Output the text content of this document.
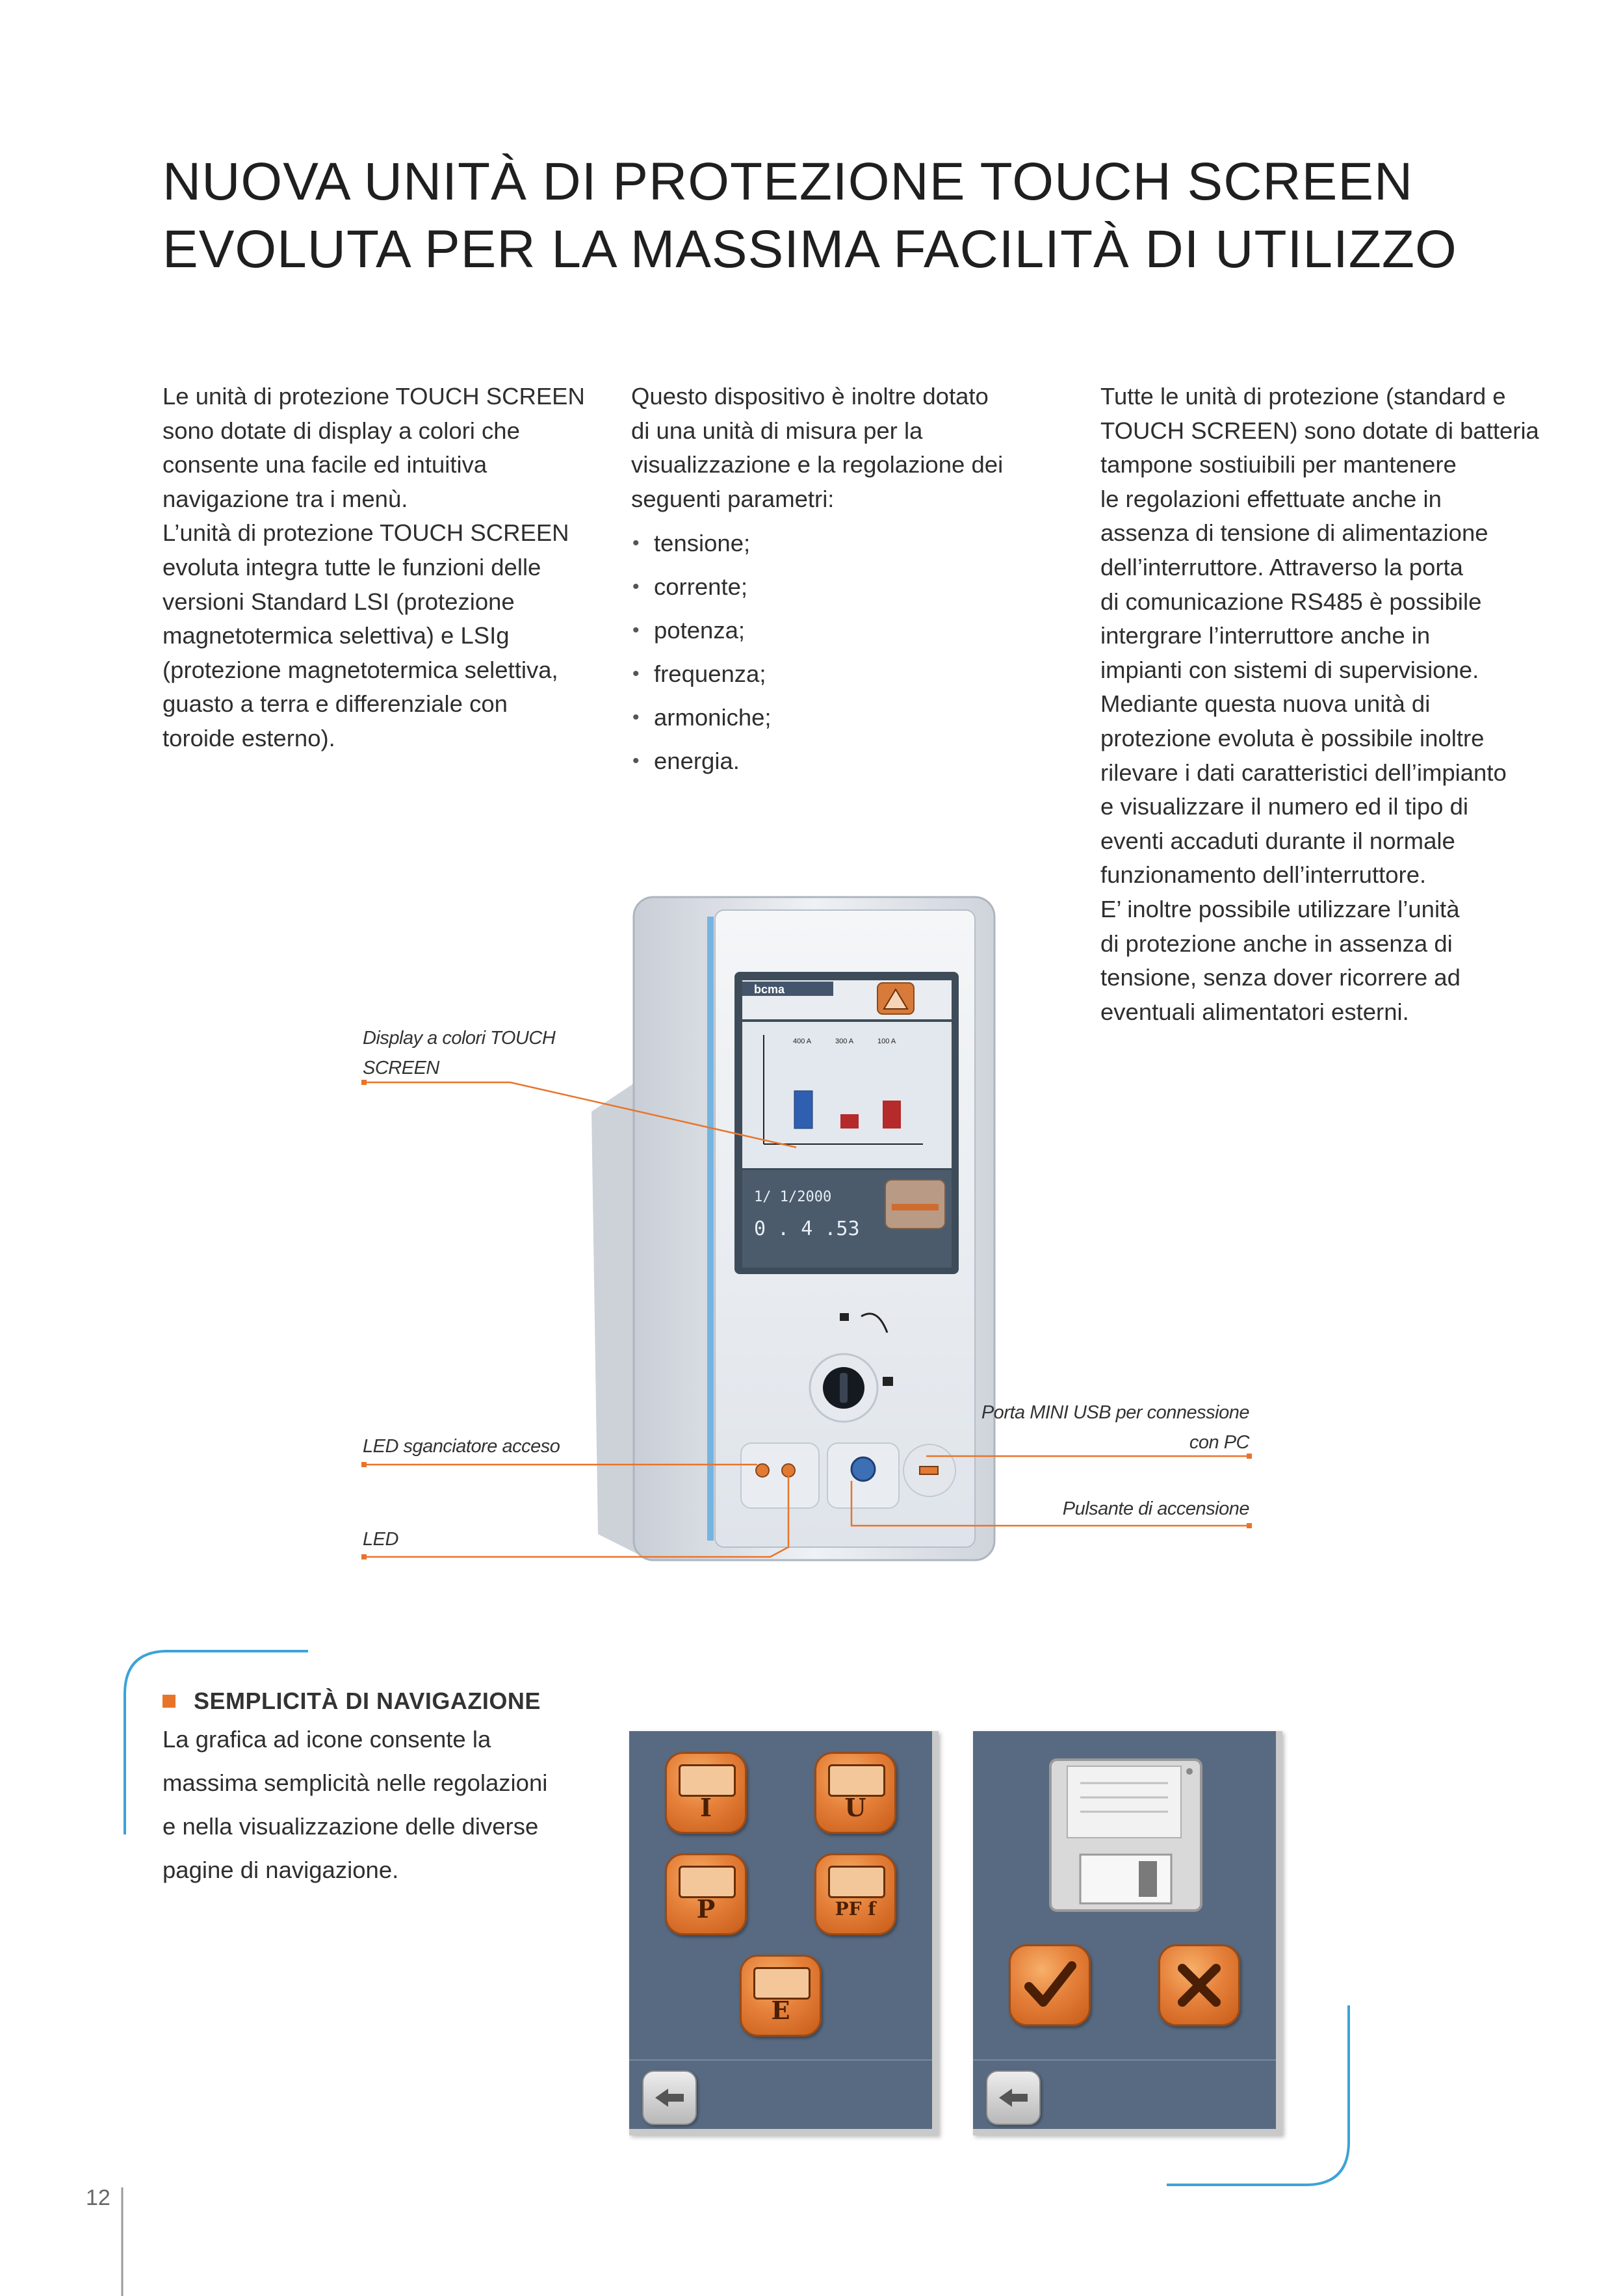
NUOVA UNITÀ DI PROTEZIONE TOUCH SCREEN
EVOLUTA PER LA MASSIMA FACILITÀ DI UTILIZZO
Le unità di protezione TOUCH SCREEN
sono dotate di display a colori che
consente una facile ed intuitiva
navigazione tra i menù.
L’unità di protezione TOUCH SCREEN
evoluta integra tutte le funzioni delle
versioni Standard LSI (protezione
magnetotermica selettiva) e LSIg
(protezione magnetotermica selettiva,
guasto a terra e differenziale con
toroide esterno).
Questo dispositivo è inoltre dotato
di una unità di misura per la
visualizzazione e la regolazione dei
seguenti parametri:
• tensione;
• corrente;
• potenza;
• frequenza;
• armoniche;
• energia.
Tutte le unità di protezione (standard e
TOUCH SCREEN) sono dotate di batteria
tampone sostiuibili per mantenere
le regolazioni effettuate anche in
assenza di tensione di alimentazione
dell’interruttore. Attraverso la porta
di comunicazione RS485 è possibile
intergrare l’interruttore anche in
impianti con sistemi di supervisione.
Mediante questa nuova unità di
protezione evoluta è possibile inoltre
rilevare i dati caratteristici dell’impianto
e visualizzare il numero ed il tipo di
eventi accaduti durante il normale
funzionamento dell’interruttore.
E’ inoltre possibile utilizzare l’unità
di protezione anche in assenza di
tensione, senza dover ricorrere ad
eventuali alimentatori esterni.
bcma
400 A	300 A	100 A
1/ 1/2000
0 . 4 .53
Display a colori TOUCH
SCREEN
LED sganciatore acceso
LED
Porta MINI USB per connessione
con PC
Pulsante di accensione
SEMPLICITÀ DI NAVIGAZIONE
La grafica ad icone consente la
massima semplicità nelle regolazioni
e nella visualizzazione delle diverse
pagine di navigazione.
I	U
P	PF f
E
12
